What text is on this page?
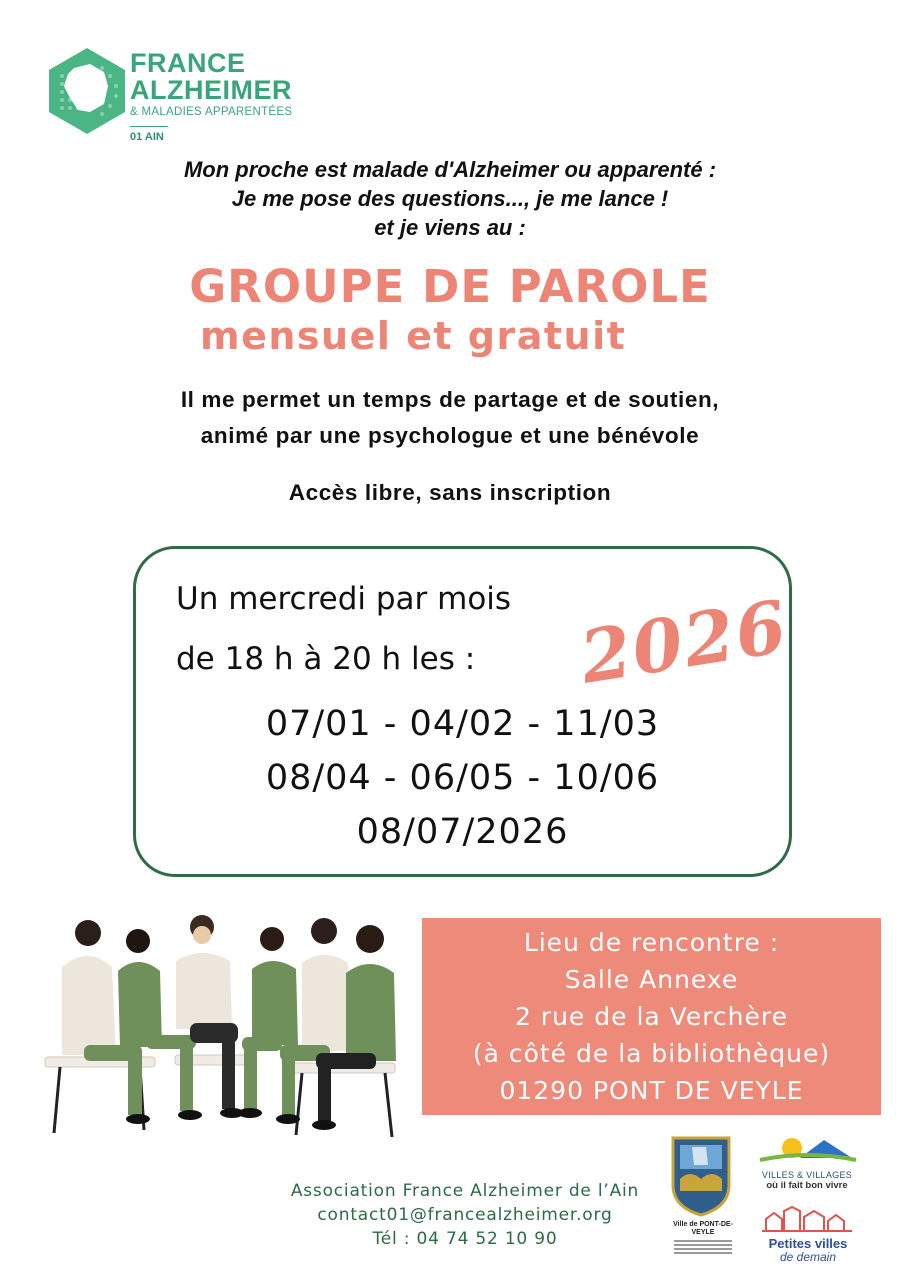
FRANCE
ALZHEIMER
& MALADIES APPARENTÉES
01 AIN
Mon proche est malade d'Alzheimer ou apparenté :
Je me pose des questions..., je me lance !
et je viens au :
GROUPE DE PAROLE
mensuel et gratuit
Il me permet un temps de partage et de soutien,
animé par une psychologue et une bénévole
Accès libre, sans inscription
Un mercredi par mois
de 18 h à 20 h les : 2026
07/01 - 04/02 - 11/03
08/04 - 06/05 - 10/06
08/07/2026
Lieu de rencontre :
Salle Annexe
2 rue de la Verchère
(à côté de la bibliothèque)
01290 PONT DE VEYLE
Association France Alzheimer de l’Ain
contact01@francealzheimer.org
Tél : 04 74 52 10 90
Ville de PONT-DE-VEYLE
VILLES & VILLAGES
où il fait bon vivre
Petites villes
de demain
